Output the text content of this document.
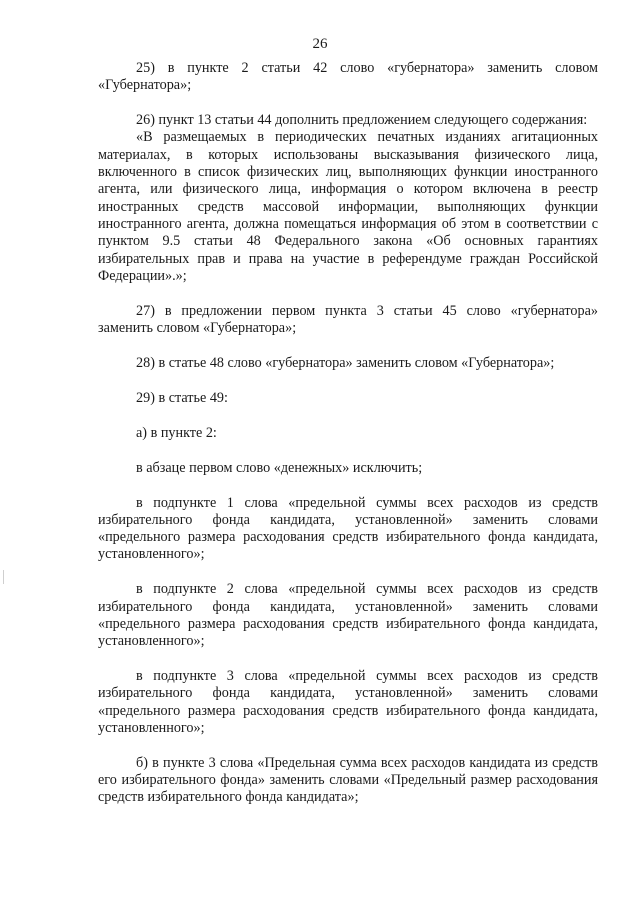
26

25) в пункте 2 статьи 42 слово «губернатора» заменить словом «Губернатора»;

26) пункт 13 статьи 44 дополнить предложением следующего содержания:

«В размещаемых в периодических печатных изданиях агитационных материалах, в которых использованы высказывания физического лица, включенного в список физических лиц, выполняющих функции иностранного агента, или физического лица, информация о котором включена в реестр иностранных средств массовой информации, выполняющих функции иностранного агента, должна помещаться информация об этом в соответствии с пунктом 9.5 статьи 48 Федерального закона «Об основных гарантиях избирательных прав и права на участие в референдуме граждан Российской Федерации».»;

27) в предложении первом пункта 3 статьи 45 слово «губернатора» заменить словом «Губернатора»;

28) в статье 48 слово «губернатора» заменить словом «Губернатора»;

29) в статье 49:

а) в пункте 2:

в абзаце первом слово «денежных» исключить;

в подпункте 1 слова «предельной суммы всех расходов из средств избирательного фонда кандидата, установленной» заменить словами «предельного размера расходования средств избирательного фонда кандидата, установленного»;

в подпункте 2 слова «предельной суммы всех расходов из средств избирательного фонда кандидата, установленной» заменить словами «предельного размера расходования средств избирательного фонда кандидата, установленного»;

в подпункте 3 слова «предельной суммы всех расходов из средств избирательного фонда кандидата, установленной» заменить словами «предельного размера расходования средств избирательного фонда кандидата, установленного»;

б) в пункте 3 слова «Предельная сумма всех расходов кандидата из средств его избирательного фонда» заменить словами «Предельный размер расходования средств избирательного фонда кандидата»;
